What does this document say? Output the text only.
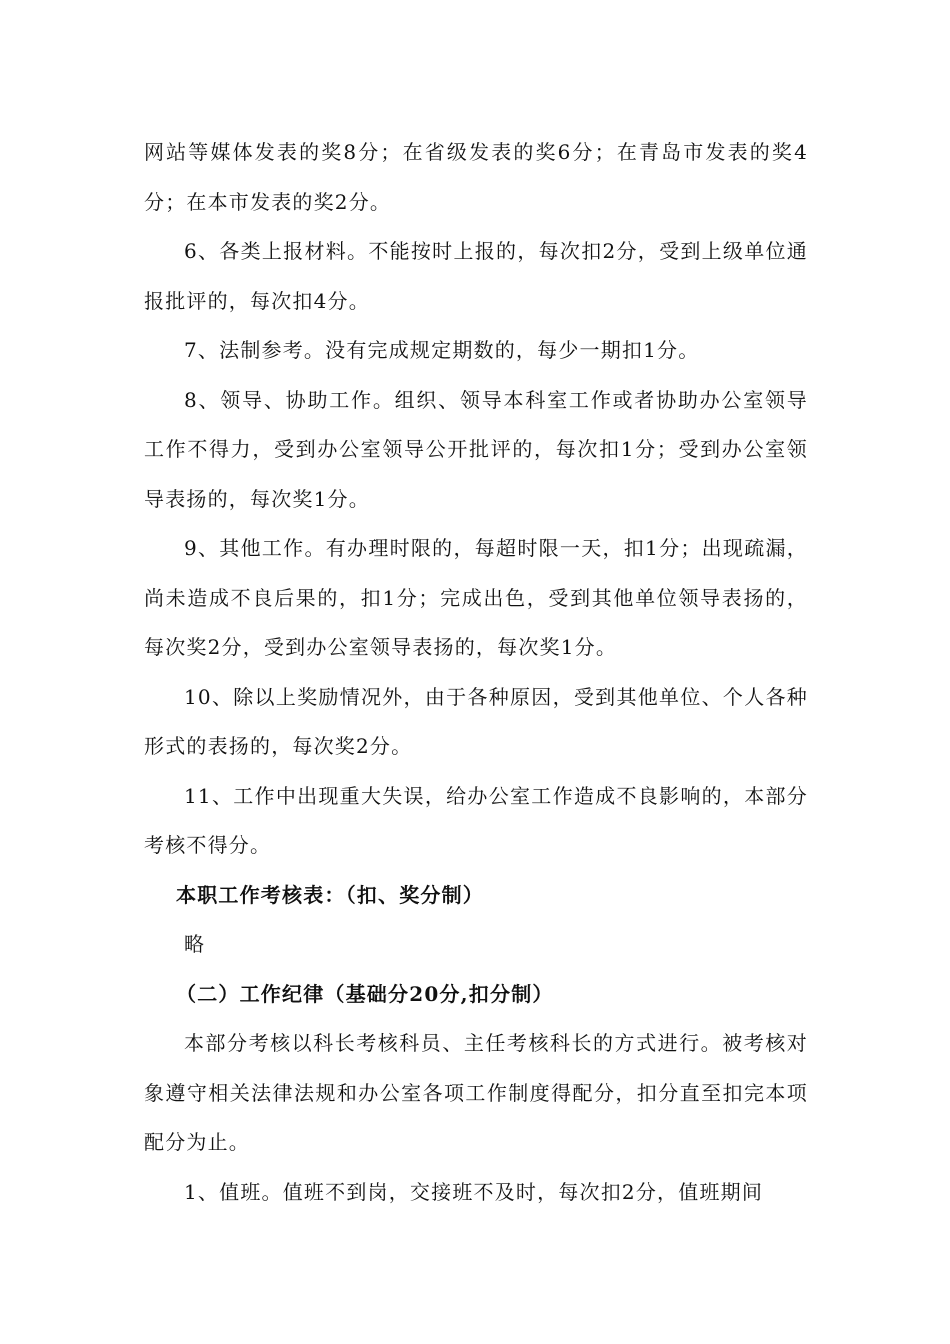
网站等媒体发表的奖8分；在省级发表的奖6分；在青岛市发表的奖4分；在本市发表的奖2分。

6、各类上报材料。不能按时上报的，每次扣2分，受到上级单位通报批评的，每次扣4分。

7、法制参考。没有完成规定期数的，每少一期扣1分。

8、领导、协助工作。组织、领导本科室工作或者协助办公室领导工作不得力，受到办公室领导公开批评的，每次扣1分；受到办公室领导表扬的，每次奖1分。

9、其他工作。有办理时限的，每超时限一天，扣1分；出现疏漏，尚未造成不良后果的，扣1分；完成出色，受到其他单位领导表扬的，每次奖2分，受到办公室领导表扬的，每次奖1分。

10、除以上奖励情况外，由于各种原因，受到其他单位、个人各种形式的表扬的，每次奖2分。

11、工作中出现重大失误，给办公室工作造成不良影响的，本部分考核不得分。

本职工作考核表：（扣、奖分制）

略

（二）工作纪律（基础分20分,扣分制）

本部分考核以科长考核科员、主任考核科长的方式进行。被考核对象遵守相关法律法规和办公室各项工作制度得配分，扣分直至扣完本项配分为止。

1、值班。值班不到岗，交接班不及时，每次扣2分，值班期间
